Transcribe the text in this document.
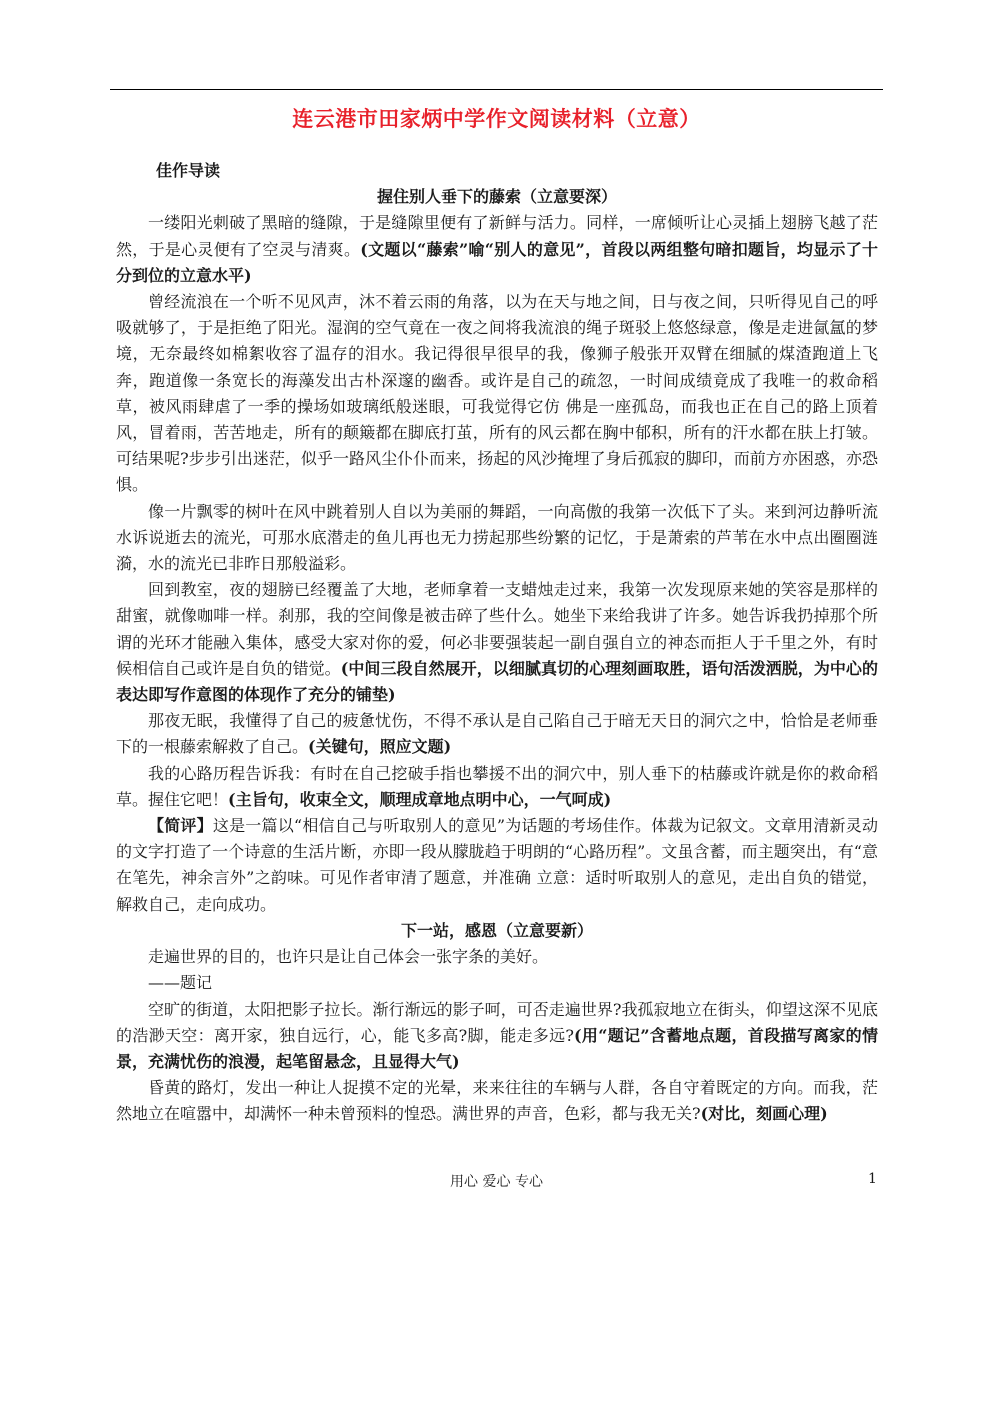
连云港市田家炳中学作文阅读材料（立意）

佳作导读

握住别人垂下的藤索（立意要深）

一缕阳光刺破了黑暗的缝隙，于是缝隙里便有了新鲜与活力。同样，一席倾听让心灵插上翅膀飞越了茫然，于是心灵便有了空灵与清爽。(文题以“藤索”喻“别人的意见”，首段以两组整句暗扣题旨，均显示了十分到位的立意水平)

曾经流浪在一个听不见风声，沐不着云雨的角落，以为在天与地之间，日与夜之间，只听得见自己的呼吸就够了，于是拒绝了阳光。湿润的空气竟在一夜之间将我流浪的绳子斑驳上悠悠绿意，像是走进氤氲的梦境，无奈最终如棉絮收容了温存的泪水。我记得很早很早的我，像狮子般张开双臂在细腻的煤渣跑道上飞奔，跑道像一条宽长的海藻发出古朴深邃的幽香。或许是自己的疏忽，一时间成绩竟成了我唯一的救命稻草，被风雨肆虐了一季的操场如玻璃纸般迷眼，可我觉得它仿 佛是一座孤岛，而我也正在自己的路上顶着风，冒着雨，苦苦地走，所有的颠簸都在脚底打茧，所有的风云都在胸中郁积，所有的汗水都在肤上打皱。可结果呢?步步引出迷茫，似乎一路风尘仆仆而来，扬起的风沙掩埋了身后孤寂的脚印，而前方亦困惑，亦恐惧。

像一片飘零的树叶在风中跳着别人自以为美丽的舞蹈，一向高傲的我第一次低下了头。来到河边静听流水诉说逝去的流光，可那水底潜走的鱼儿再也无力捞起那些纷繁的记忆，于是萧索的芦苇在水中点出圈圈涟漪，水的流光已非昨日那般溢彩。

回到教室，夜的翅膀已经覆盖了大地，老师拿着一支蜡烛走过来，我第一次发现原来她的笑容是那样的甜蜜，就像咖啡一样。刹那，我的空间像是被击碎了些什么。她坐下来给我讲了许多。她告诉我扔掉那个所谓的光环才能融入集体，感受大家对你的爱，何必非要强装起一副自强自立的神态而拒人于千里之外，有时候相信自己或许是自负的错觉。(中间三段自然展开，以细腻真切的心理刻画取胜，语句活泼洒脱，为中心的表达即写作意图的体现作了充分的铺垫)

那夜无眠，我懂得了自己的疲惫忧伤，不得不承认是自己陷自己于暗无天日的洞穴之中，恰恰是老师垂下的一根藤索解救了自己。(关键句，照应文题)

我的心路历程告诉我：有时在自己挖破手指也攀援不出的洞穴中，别人垂下的枯藤或许就是你的救命稻草。握住它吧！(主旨句，收束全文，顺理成章地点明中心，一气呵成)

【简评】这是一篇以“相信自己与听取别人的意见”为话题的考场佳作。体裁为记叙文。文章用清新灵动的文字打造了一个诗意的生活片断，亦即一段从朦胧趋于明朗的“心路历程”。文虽含蓄，而主题突出，有“意在笔先，神余言外”之韵味。可见作者审清了题意，并准确 立意：适时听取别人的意见，走出自负的错觉，解救自己，走向成功。

下一站，感恩（立意要新）

走遍世界的目的，也许只是让自己体会一张字条的美好。

——题记

空旷的街道，太阳把影子拉长。渐行渐远的影子呵，可否走遍世界?我孤寂地立在街头，仰望这深不见底的浩渺天空：离开家，独自远行，心，能飞多高?脚，能走多远?(用“题记”含蓄地点题，首段描写离家的情景，充满忧伤的浪漫，起笔留悬念，且显得大气)

昏黄的路灯，发出一种让人捉摸不定的光晕，来来往往的车辆与人群，各自守着既定的方向。而我，茫然地立在喧嚣中，却满怀一种未曾预料的惶恐。满世界的声音，色彩，都与我无关?(对比，刻画心理)

用心 爱心 专心	1
